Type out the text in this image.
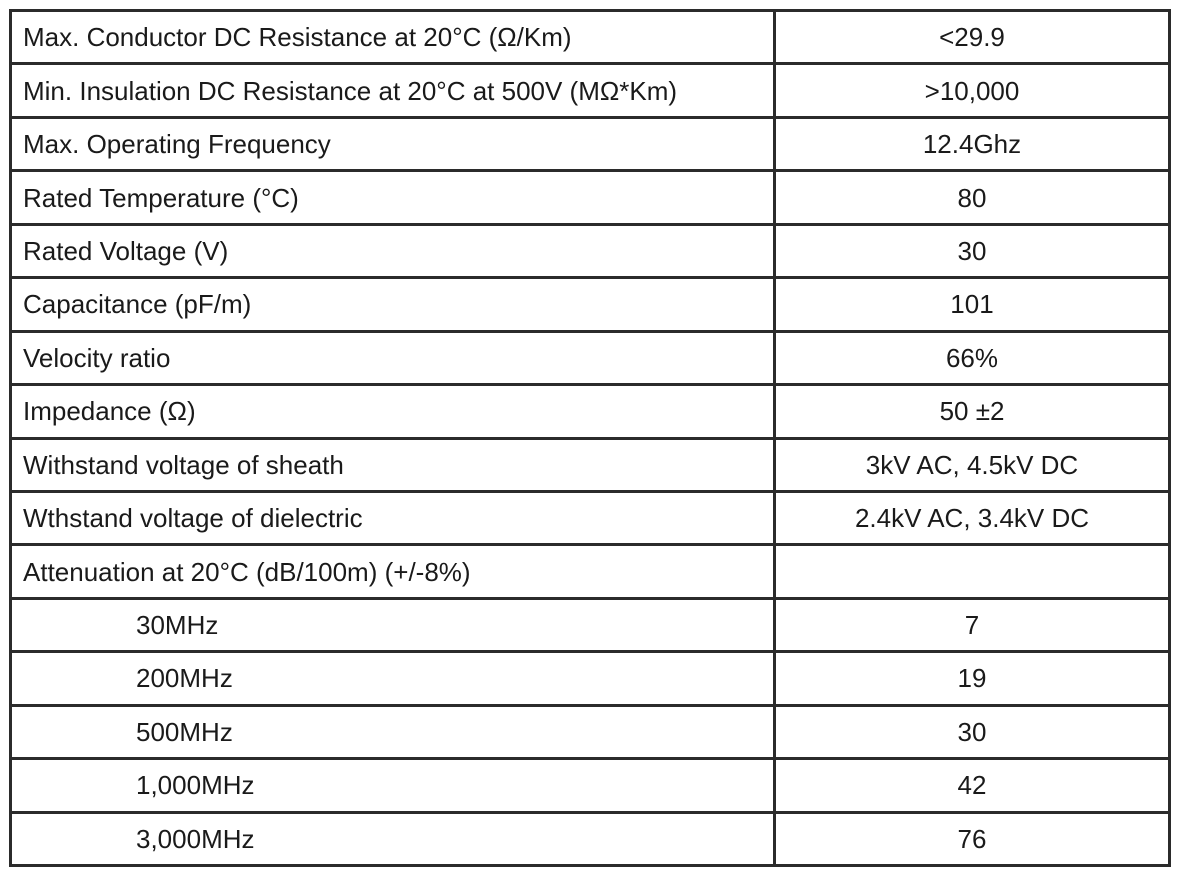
Max. Conductor DC Resistance at 20°C (Ω/Km)	<29.9
Min. Insulation DC Resistance at 20°C at 500V (MΩ*Km)	>10,000
Max. Operating Frequency	12.4Ghz
Rated Temperature (°C)	80
Rated Voltage (V)	30
Capacitance (pF/m)	101
Velocity ratio	66%
Impedance (Ω)	50 ±2
Withstand voltage of sheath	3kV AC, 4.5kV DC
Wthstand voltage of dielectric	2.4kV AC, 3.4kV DC
Attenuation at 20°C (dB/100m) (+/-8%)	
30MHz	7
200MHz	19
500MHz	30
1,000MHz	42
3,000MHz	76
